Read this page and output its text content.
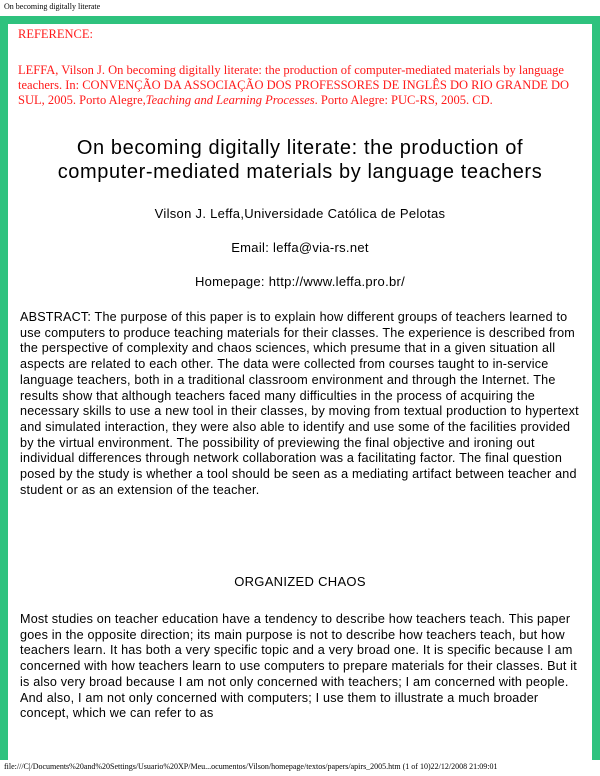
On becoming digitally literate
REFERENCE:
LEFFA, Vilson J. On becoming digitally literate: the production of computer-mediated materials by language teachers. In: CONVENÇÃO DA ASSOCIAÇÃO DOS PROFESSORES DE INGLÊS DO RIO GRANDE DO SUL, 2005. Porto Alegre,Teaching and Learning Processes. Porto Alegre: PUC-RS, 2005. CD.
On becoming digitally literate: the production of computer-mediated materials by language teachers
Vilson J. Leffa,Universidade Católica de Pelotas
Email: leffa@via-rs.net
Homepage: http://www.leffa.pro.br/
ABSTRACT: The purpose of this paper is to explain how different groups of teachers learned to use computers to produce teaching materials for their classes. The experience is described from the perspective of complexity and chaos sciences, which presume that in a given situation all aspects are related to each other. The data were collected from courses taught to in-service language teachers, both in a traditional classroom environment and through the Internet. The results show that although teachers faced many difficulties in the process of acquiring the necessary skills to use a new tool in their classes, by moving from textual production to hypertext and simulated interaction, they were also able to identify and use some of the facilities provided by the virtual environment. The possibility of previewing the final objective and ironing out individual differences through network collaboration was a facilitating factor. The final question posed by the study is whether a tool should be seen as a mediating artifact between teacher and student or as an extension of the teacher.
ORGANIZED CHAOS
Most studies on teacher education have a tendency to describe how teachers teach. This paper goes in the opposite direction; its main purpose is not to describe how teachers teach, but how teachers learn. It has both a very specific topic and a very broad one. It is specific because I am concerned with how teachers learn to use computers to prepare materials for their classes. But it is also very broad because I am not only concerned with teachers; I am concerned with people. And also, I am not only concerned with computers; I use them to illustrate a much broader concept, which we can refer to as
file:///C|/Documents%20and%20Settings/Usuario%20XP/Meu...ocumentos/Vilson/homepage/textos/papers/apirs_2005.htm (1 of 10)22/12/2008 21:09:01
